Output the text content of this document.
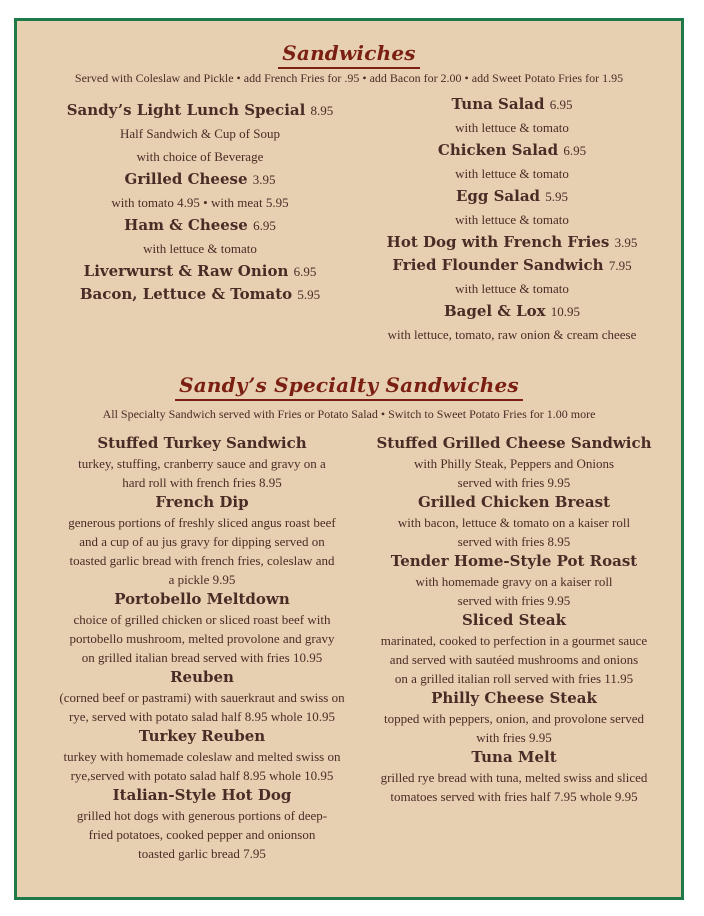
Sandwiches
Served with Coleslaw and Pickle • add French Fries for .95 • add Bacon for 2.00 • add Sweet Potato Fries for 1.95
Sandy’s Light Lunch Special 8.95
Half Sandwich & Cup of Soup
with choice of Beverage
Grilled Cheese 3.95
with tomato 4.95 • with meat 5.95
Ham & Cheese 6.95
with lettuce & tomato
Liverwurst & Raw Onion 6.95
Bacon, Lettuce & Tomato 5.95
Tuna Salad 6.95
with lettuce & tomato
Chicken Salad 6.95
with lettuce & tomato
Egg Salad 5.95
with lettuce & tomato
Hot Dog with French Fries 3.95
Fried Flounder Sandwich 7.95
with lettuce & tomato
Bagel & Lox 10.95
with lettuce, tomato, raw onion & cream cheese
Sandy’s Specialty Sandwiches
All Specialty Sandwich served with Fries or Potato Salad • Switch to Sweet Potato Fries for 1.00 more
Stuffed Turkey Sandwich
turkey, stuffing, cranberry sauce and gravy on a
hard roll with french fries 8.95
French Dip
generous portions of freshly sliced angus roast beef
and a cup of au jus gravy for dipping served on
toasted garlic bread with french fries, coleslaw and
a pickle 9.95
Portobello Meltdown
choice of grilled chicken or sliced roast beef with
portobello mushroom, melted provolone and gravy
on grilled italian bread served with fries 10.95
Reuben
(corned beef or pastrami) with sauerkraut and swiss on
rye, served with potato salad half 8.95 whole 10.95
Turkey Reuben
turkey with homemade coleslaw and melted swiss on
rye,served with potato salad half 8.95 whole 10.95
Italian-Style Hot Dog
grilled hot dogs with generous portions of deep-
fried potatoes, cooked pepper and onionson
toasted garlic bread 7.95
Stuffed Grilled Cheese Sandwich
with Philly Steak, Peppers and Onions
served with fries 9.95
Grilled Chicken Breast
with bacon, lettuce & tomato on a kaiser roll
served with fries 8.95
Tender Home-Style Pot Roast
with homemade gravy on a kaiser roll
served with fries 9.95
Sliced Steak
marinated, cooked to perfection in a gourmet sauce
and served with sautéed mushrooms and onions
on a grilled italian roll served with fries 11.95
Philly Cheese Steak
topped with peppers, onion, and provolone served
with fries 9.95
Tuna Melt
grilled rye bread with tuna, melted swiss and sliced
tomatoes served with fries half 7.95 whole 9.95
